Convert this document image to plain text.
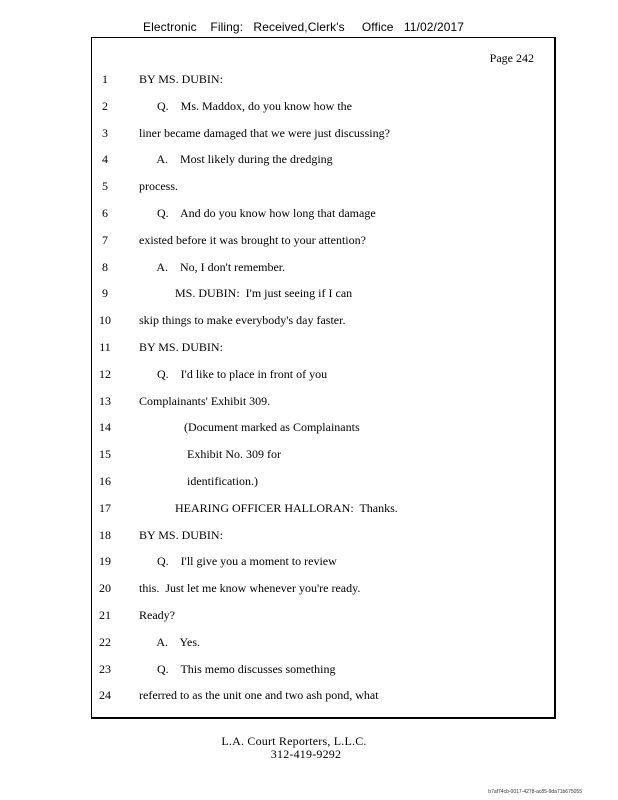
Electronic    Filing:   Received,Clerk's     Office   11/02/2017
Page 242
1	BY MS. DUBIN:
2	Q.    Ms. Maddox, do you know how the
3	liner became damaged that we were just discussing?
4	A.    Most likely during the dredging
5	process.
6	Q.    And do you know how long that damage
7	existed before it was brought to your attention?
8	A.    No, I don't remember.
9	MS. DUBIN:  I'm just seeing if I can
10	skip things to make everybody's day faster.
11	BY MS. DUBIN:
12	Q.    I'd like to place in front of you
13	Complainants' Exhibit 309.
14	(Document marked as Complainants
15	Exhibit No. 309 for
16	identification.)
17	HEARING OFFICER HALLORAN:  Thanks.
18	BY MS. DUBIN:
19	Q.    I'll give you a moment to review
20	this.  Just let me know whenever you're ready.
21	Ready?
22	A.    Yes.
23	Q.    This memo discusses something
24	referred to as the unit one and two ash pond, what
L.A. Court Reporters, L.L.C.
312-419-9292
b7af74cb-0017-4278-ac85-9da71b675055
